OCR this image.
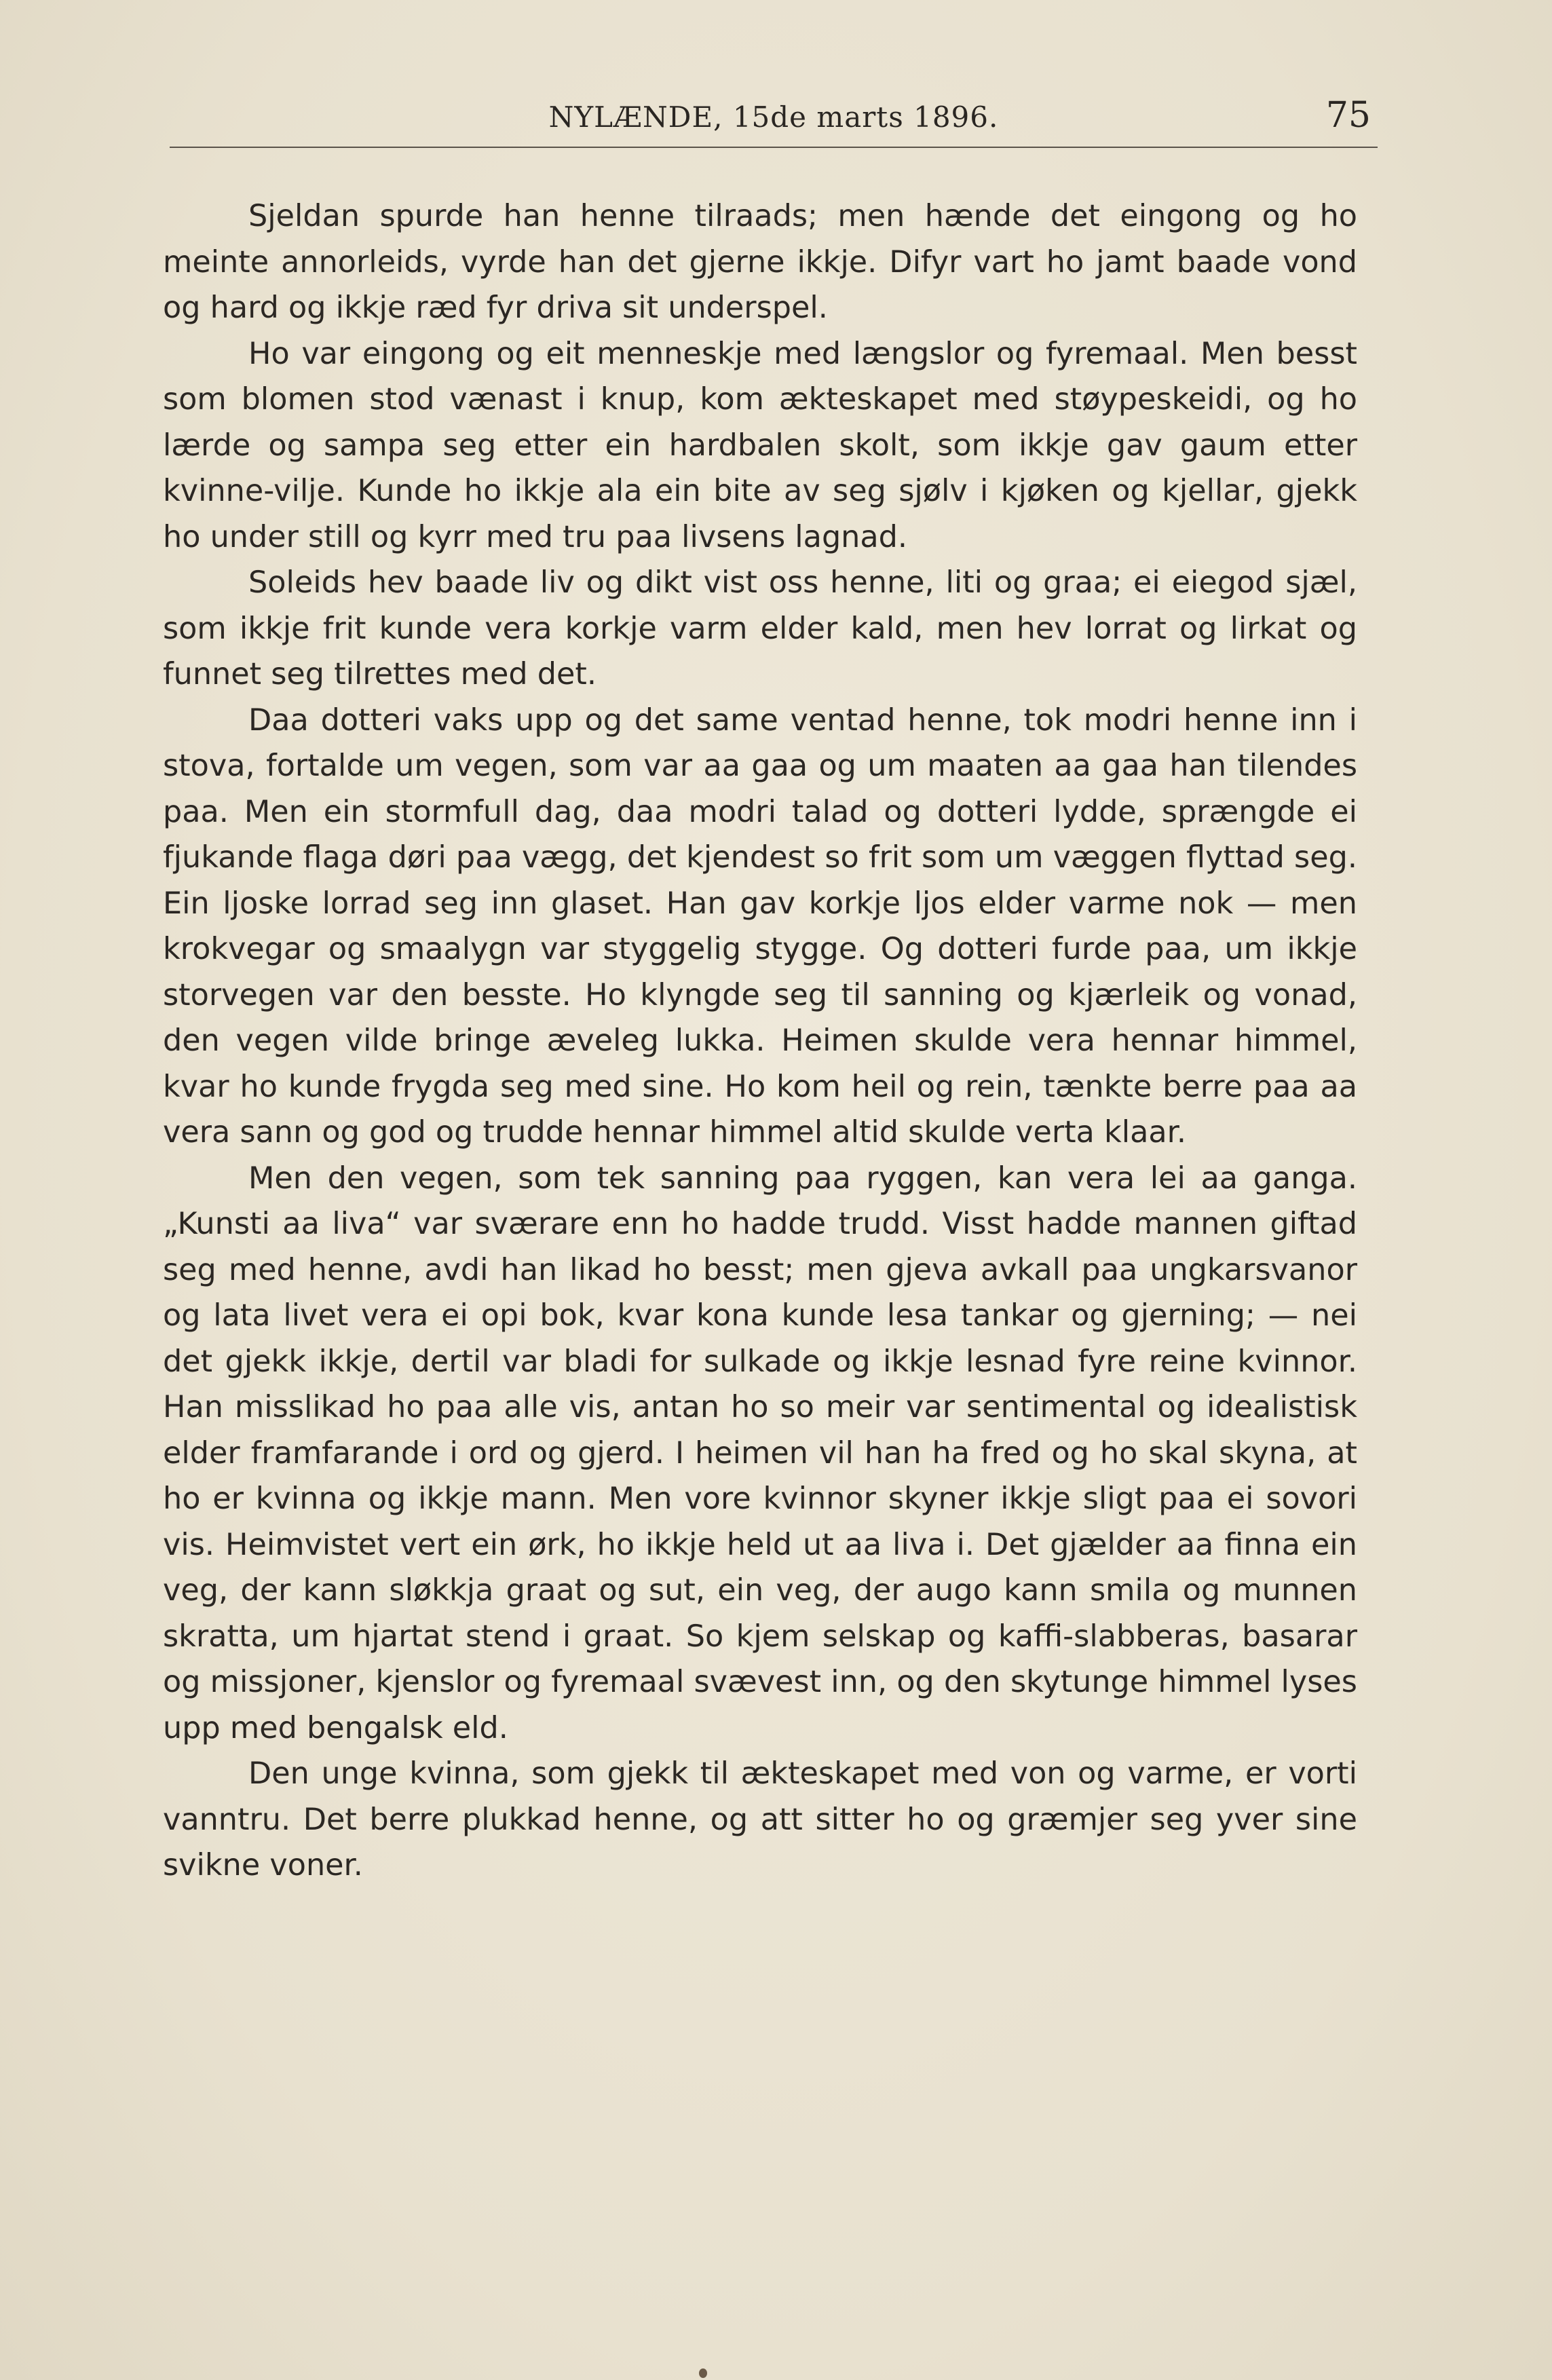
NYLÆNDE, 15de marts 1896.	75

Sjeldan spurde han henne tilraads; men hænde det eingong og ho meinte annorleids, vyrde han det gjerne ikkje. Difyr vart ho jamt baade vond og hard og ikkje ræd fyr driva sit underspel.

Ho var eingong og eit menneskje med længslor og fyremaal. Men besst som blomen stod vænast i knup, kom ækteskapet med støypeskeidi, og ho lærde og sampa seg etter ein hardbalen skolt, som ikkje gav gaum etter kvinne-vilje. Kunde ho ikkje ala ein bite av seg sjølv i kjøken og kjellar, gjekk ho under still og kyrr med tru paa livsens lagnad.

Soleids hev baade liv og dikt vist oss henne, liti og graa; ei eiegod sjæl, som ikkje frit kunde vera korkje varm elder kald, men hev lorrat og lirkat og funnet seg tilrettes med det.

Daa dotteri vaks upp og det same ventad henne, tok modri henne inn i stova, fortalde um vegen, som var aa gaa og um maaten aa gaa han tilendes paa. Men ein stormfull dag, daa modri talad og dotteri lydde, sprængde ei fjukande flaga døri paa vægg, det kjendest so frit som um væggen flyttad seg. Ein ljoske lorrad seg inn glaset. Han gav korkje ljos elder varme nok — men krokvegar og smaalygn var styggelig stygge. Og dotteri furde paa, um ikkje storvegen var den besste. Ho klyngde seg til sanning og kjærleik og vonad, den vegen vilde bringe æveleg lukka. Heimen skulde vera hennar himmel, kvar ho kunde frygda seg med sine. Ho kom heil og rein, tænkte berre paa aa vera sann og god og trudde hennar himmel altid skulde verta klaar.

Men den vegen, som tek sanning paa ryggen, kan vera lei aa ganga. „Kunsti aa liva“ var sværare enn ho hadde trudd. Visst hadde mannen giftad seg med henne, avdi han likad ho besst; men gjeva avkall paa ungkarsvanor og lata livet vera ei opi bok, kvar kona kunde lesa tankar og gjerning; — nei det gjekk ikkje, dertil var bladi for sulkade og ikkje lesnad fyre reine kvinnor. Han misslikad ho paa alle vis, antan ho so meir var sentimental og idealistisk elder framfarande i ord og gjerd. I heimen vil han ha fred og ho skal skyna, at ho er kvinna og ikkje mann. Men vore kvinnor skyner ikkje sligt paa ei sovori vis. Heimvistet vert ein ørk, ho ikkje held ut aa liva i. Det gjælder aa finna ein veg, der kann sløkkja graat og sut, ein veg, der augo kann smila og munnen skratta, um hjartat stend i graat. So kjem selskap og kaffi-slabberas, basarar og missjoner, kjenslor og fyremaal svævest inn, og den skytunge himmel lyses upp med bengalsk eld.

Den unge kvinna, som gjekk til ækteskapet med von og varme, er vorti vanntru. Det berre plukkad henne, og att sitter ho og græmjer seg yver sine svikne voner.
